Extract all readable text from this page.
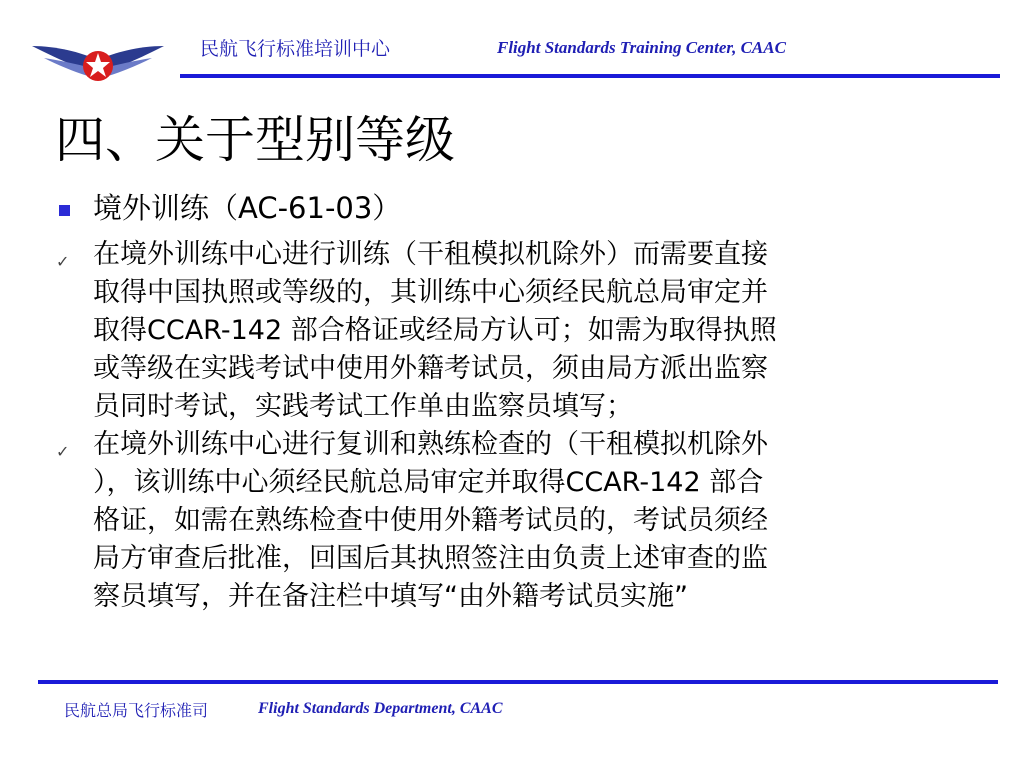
民航飞行标准培训中心	Flight Standards Training Center, CAAC
四、关于型别等级
境外训练（AC-61-03）
✓ 在境外训练中心进行训练（干租模拟机除外）而需要直接
取得中国执照或等级的，其训练中心须经民航总局审定并
取得CCAR-142 部合格证或经局方认可；如需为取得执照
或等级在实践考试中使用外籍考试员，须由局方派出监察
员同时考试，实践考试工作单由监察员填写；
✓ 在境外训练中心进行复训和熟练检查的（干租模拟机除外
），该训练中心须经民航总局审定并取得CCAR-142 部合
格证，如需在熟练检查中使用外籍考试员的，考试员须经
局方审查后批准，回国后其执照签注由负责上述审查的监
察员填写，并在备注栏中填写“由外籍考试员实施”
民航总局飞行标准司	Flight Standards Department, CAAC
